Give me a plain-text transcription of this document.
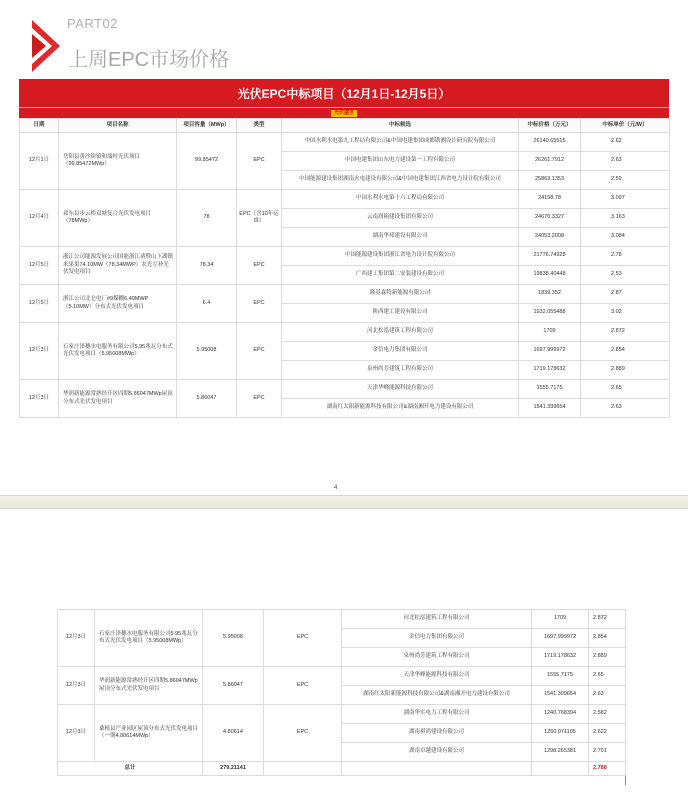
PART02
上周EPC市场价格
光伏EPC中标项目（12月1日-12月5日）
光伏盛世
日期	项目名称	项目容量（MWp）	类型	中标候选	中标价格（万元）	中标单价（元/W）
12月1日	岳阳县黄沙街镇和端村光伏项目（99.85472MWp）	99.85472	EPC	中国水利水电第九工程局有限公司&中国电建集团成都勘测设计研究院有限公司	26140.65515	2.62
				中国电建集团山东电力建设第一工程有限公司	26261.7912	2.63
				中国能源建设集团湖南火电建设有限公司&中国电建集团江西省电力设计院有限公司	25863.1353	2.59
12月4日	祁东县步云桥双塘复合光伏发电项目（78MWp）	78	EPC（含10年运维）	中国水利水电第十六工程局有限公司	24158.78	3.097
				云南润箱建设集团有限公司	24670.3327	3.163
				湖南华邦建设有限公司	24053.2008	3.084
12月5日	浙江公司能源发展公司国能浙江诸暨山下湖镇米果果74.10MW（78.34MWP）农光互补光伏发电项目	78.34	EPC	中国能源建设集团浙江省电力设计院有限公司	21776.74928	2.78
				广西建工集团第二安装建设有限公司	19838.40448	2.53
12月5日	浙江公司北仑电厂#9煤棚6.40MWP（5.10MW）分布式光伏发电项目	6.4	EPC	隆基森特新能源有限公司	1839.352	2.87
				陕西建工建设有限公司	1932.055488	3.02
12月3日	石家庄泽穗水电服务有限公司5.95兆瓦分布式光伏发电项目（5.95008MWp）	5.95008	EPC	河北松泓建筑工程有限公司	1709	2.872
				金信电力集团有限公司	1697.999972	2.854
				泉州尚芳建筑工程有限公司	1719.178632	2.889
12月3日	华润新能源常熟经开区四期5.86047MWp屋顶分布式光伏发电项目	5.86047	EPC	天津华峰能源科技有限公司	1555.7175	2.65
				湖南红太阳新能源科技有限公司&湖南湘开电力建设有限公司	1541.399654	2.63
4
12月3日	石家庄泽穗水电服务有限公司5.95兆瓦分布式光伏发电项目（5.95008MWp）	5.95008	EPC	河北松泓建筑工程有限公司	1709	2.872
				金信电力集团有限公司	1697.999972	2.854
				泉州尚芳建筑工程有限公司	1719.178632	2.889
12月3日	华润新能源常熟经开区四期5.86047MWp屋顶分布式光伏发电项目	5.86047	EPC	天津华峰能源科技有限公司	1555.7175	2.65
				湖南红太阳新能源科技有限公司&湖南湘开电力建设有限公司	1541.399654	2.63
12月3日	桑植县产业园区屋顶分布式光伏发电项目（一期4.80614MWp）	4.80614	EPC	湖南华实电力工程有限公司	1240.768394	2.582
				湖南祺鸿建设有限公司	1260.071105	2.622
				湖南卓越建设有限公司	1298.265381	2.701
总计		279.21141				2.788
